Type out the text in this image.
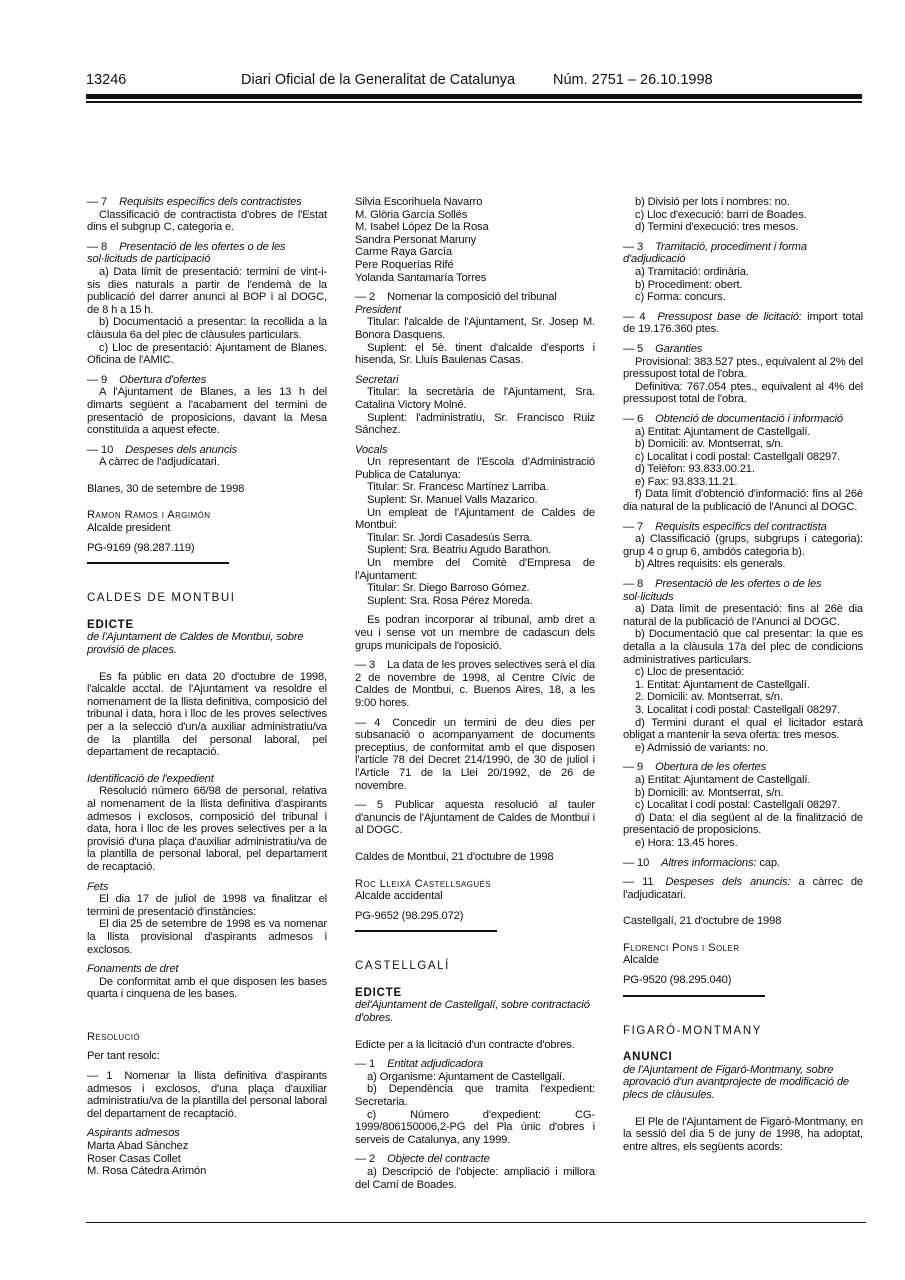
13246	Diari Oficial de la Generalitat de Catalunya	Núm. 2751 – 26.10.1998

— 7 Requisits específics dels contractistes

Classificació de contractista d'obres de l'Estat dins el subgrup C, categoria e.

— 8 Presentació de les ofertes o de les sol·licituds de participació

a) Data límit de presentació: termini de vint-i-sis dies naturals a partir de l'endemà de la publicació del darrer anunci al BOP i al DOGC, de 8 h a 15 h.

b) Documentació a presentar: la recollida a la clàusula 6a del plec de clàusules particulars.

c) Lloc de presentació: Ajuntament de Blanes. Oficina de l'AMIC.

— 9 Obertura d'ofertes

A l'Ajuntament de Blanes, a les 13 h del dimarts següent a l'acabament del termini de presentació de proposicions, davant la Mesa constituïda a aquest efecte.

— 10 Despeses dels anuncis

A càrrec de l'adjudicatari.

Blanes, 30 de setembre de 1998

Ramon Ramos i Argimón

Alcalde president

PG-9169 (98.287.119)

CALDES DE MONTBUI

EDICTE

de l'Ajuntament de Caldes de Montbui, sobre provisió de places.

Es fa públic en data 20 d'octubre de 1998, l'alcalde acctal. de l'Ajuntament va resoldre el nomenament de la llista definitiva, composició del tribunal i data, hora i lloc de les proves selectives per a la selecció d'un/a auxiliar administratiu/va de la plantilla del personal laboral, pel departament de recaptació.

Identificació de l'expedient

Resolució número 66/98 de personal, relativa al nomenament de la llista definitiva d'aspirants admesos i exclosos, composició del tribunal i data, hora i lloc de les proves selectives per a la provisió d'una plaça d'auxiliar administratiu/va de la plantilla de personal laboral, pel departament de recaptació.

Fets

El dia 17 de juliol de 1998 va finalitzar el termini de presentació d'instàncies:

El dia 25 de setembre de 1998 es va nomenar la llista provisional d'aspirants admesos i exclosos.

Fonaments de dret

De conformitat amb el que disposen les bases quarta i cinquena de les bases.

Resolució

Per tant resolc:

— 1 Nomenar la llista definitiva d'aspirants admesos i exclosos, d'una plaça d'auxiliar administratiu/va de la plantilla del personal laboral del departament de recaptació.

Aspirants admesos

Marta Abad Sánchez

Roser Casas Collet

M. Rosa Cátedra Arimón

Silvia Escorihuela Navarro

M. Glòria García Sollés

M. Isabel López De la Rosa

Sandra Personat Maruny

Carme Raya García

Pere Roquerías Rifé

Yolanda Santamaría Torres

— 2 Nomenar la composició del tribunal

President

Titular: l'alcalde de l'Ajuntament, Sr. Josep M. Bonora Dasquens.

Suplent: el 5è. tinent d'alcalde d'esports i hisenda, Sr. Lluís Baulenas Casas.

Secretari

Titular: la secretària de l'Ajuntament, Sra. Catalina Victory Molné.

Suplent: l'administratiu, Sr. Francisco Ruiz Sánchez.

Vocals

Un representant de l'Escola d'Administració Publica de Catalunya:

Titular: Sr. Francesc Martínez Larriba.

Suplent: Sr. Manuel Valls Mazarico.

Un empleat de l'Ajuntament de Caldes de Montbui:

Titular: Sr. Jordi Casadesús Serra.

Suplent: Sra. Beatriu Agudo Barathon.

Un membre del Comitè d'Empresa de l'Ajuntament:

Titular: Sr. Diego Barroso Gómez.

Suplent: Sra. Rosa Pérez Moreda.

Es podran incorporar al tribunal, amb dret a veu i sense vot un membre de cadascun dels grups municipals de l'oposició.

— 3 La data de les proves selectives serà el dia 2 de novembre de 1998, al Centre Cívic de Caldes de Montbui, c. Buenos Aires, 18, a les 9:00 hores.

— 4 Concedir un termini de deu dies per subsanació o acompanyament de documents preceptius, de conformitat amb el que disposen l'article 78 del Decret 214/1990, de 30 de juliol i l'Article 71 de la Llei 20/1992, de 26 de novembre.

— 5 Publicar aquesta resolució al tauler d'anuncis de l'Ajuntament de Caldes de Montbui i al DOGC.

Caldes de Montbui, 21 d'octubre de 1998

Roc Lleixà Castellsagués

Alcalde accidental

PG-9652 (98.295.072)

CASTELLGALÍ

EDICTE

del'Ajuntament de Castellgalí, sobre contractació d'obres.

Edicte per a la licitació d'un contracte d'obres.

— 1 Entitat adjudicadora

a) Organisme: Ajuntament de Castellgalí.

b) Dependència que tramita l'expedient: Secretaria.

c) Número d'expedient: CG-1999/806150006,2-PG del Pla únic d'obres i serveis de Catalunya, any 1999.

— 2 Objecte del contracte

a) Descripció de l'objecte: ampliació i millora del Camí de Boades.

b) Divisió per lots i nombres: no.

c) Lloc d'execució: barri de Boades.

d) Termini d'execució: tres mesos.

— 3 Tramitació, procediment i forma d'adjudicació

a) Tramitació: ordinària.

b) Procediment: obert.

c) Forma: concurs.

— 4 Pressupost base de licitació: import total de 19.176.360 ptes.

— 5 Garanties

Provisional: 383.527 ptes., equivalent al 2% del pressupost total de l'obra.

Definitiva: 767.054 ptes., equivalent al 4% del pressupost total de l'obra.

— 6 Obtenció de documentació i informació

a) Entitat: Ajuntament de Castellgalí.

b) Domicili: av. Montserrat, s/n.

c) Localitat i codi postal: Castellgalí 08297.

d) Telèfon: 93.833.00.21.

e) Fax: 93.833.11.21.

f) Data límit d'obtenció d'informació: fins al 26è dia natural de la publicació de l'Anunci al DOGC.

— 7 Requisits específics del contractista

a) Classificació (grups, subgrups i categoria): grup 4 o grup 6, ambdós categoria b).

b) Altres requisits: els generals.

— 8 Presentació de les ofertes o de les sol·licituds

a) Data límit de presentació: fins al 26è dia natural de la publicació de l'Anunci al DOGC.

b) Documentació que cal presentar: la que es detalla a la clàusula 17a del plec de condicions administratives particulars.

c) Lloc de presentació:

1. Entitat: Ajuntament de Castellgalí.

2. Domicili: av. Montserrat, s/n.

3. Localitat i codi postal: Castellgalí 08297.

d) Termini durant el qual el licitador estarà obligat a mantenir la seva oferta: tres mesos.

e) Admissió de variants: no.

— 9 Obertura de les ofertes

a) Entitat: Ajuntament de Castellgalí.

b) Domicili: av. Montserrat, s/n.

c) Localitat i codi postal: Castellgalí 08297.

d) Data: el dia següent al de la finalització de presentació de proposicions.

e) Hora: 13.45 hores.

— 10 Altres informacions: cap.

— 11 Despeses dels anuncis: a càrrec de l'adjudicatari.

Castellgalí, 21 d'octubre de 1998

Florenci Pons i Soler

Alcalde

PG-9520 (98.295.040)

FIGARÓ-MONTMANY

ANUNCI

de l'Ajuntament de Figaró-Montmany, sobre aprovació d'un avantprojecte de modificació de plecs de clàusules.

El Ple de l'Ajuntament de Figaró-Montmany, en la sessió del dia 5 de juny de 1998, ha adoptat, entre altres, els següents acords:
